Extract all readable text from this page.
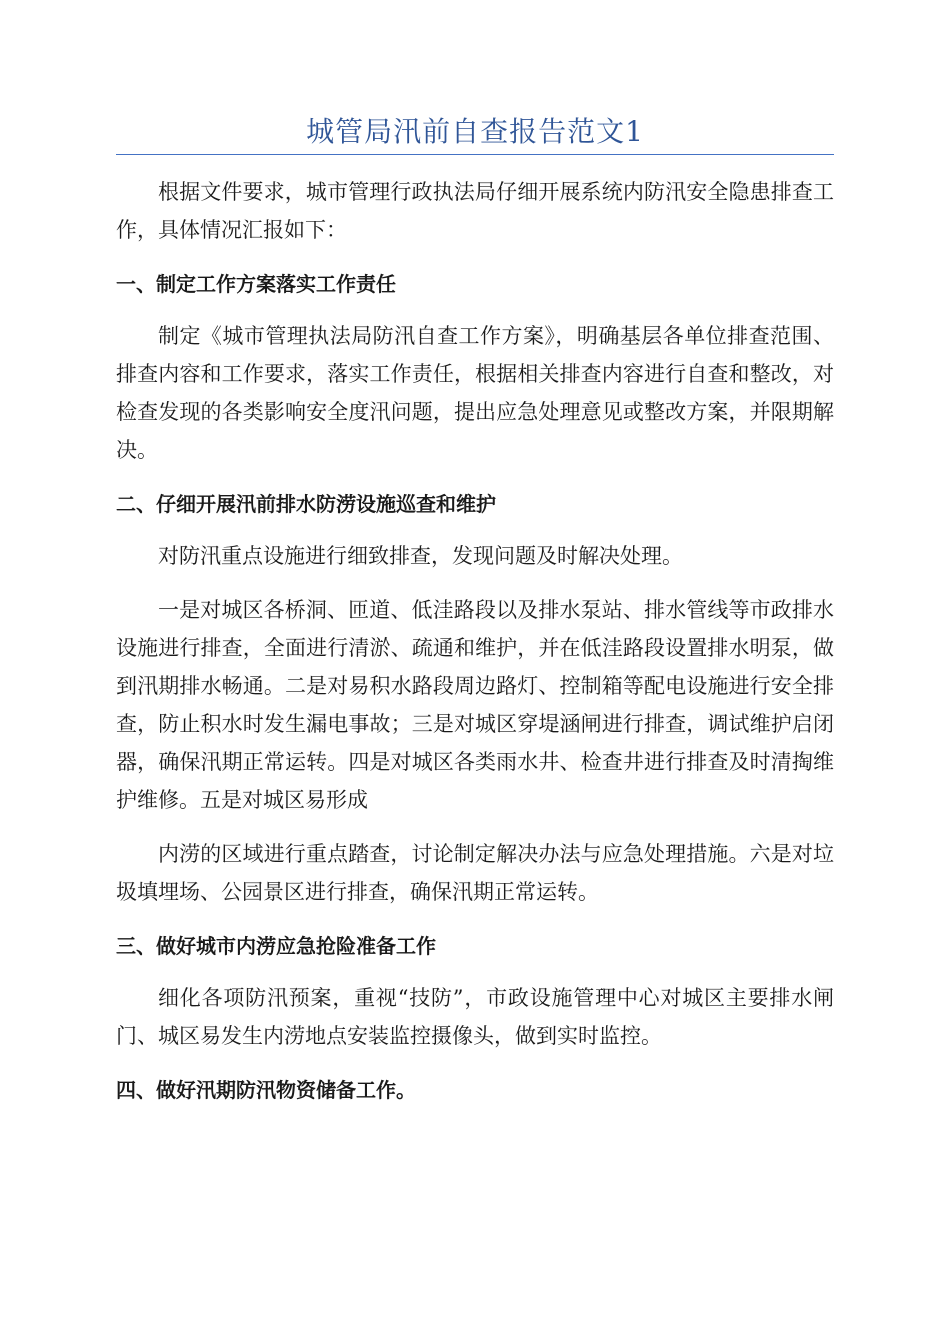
城管局汛前自查报告范文1

根据文件要求，城市管理行政执法局仔细开展系统内防汛安全隐患排查工作，具体情况汇报如下：

一、制定工作方案落实工作责任

制定《城市管理执法局防汛自查工作方案》，明确基层各单位排查范围、排查内容和工作要求，落实工作责任，根据相关排查内容进行自查和整改，对检查发现的各类影响安全度汛问题，提出应急处理意见或整改方案，并限期解决。

二、仔细开展汛前排水防涝设施巡查和维护

对防汛重点设施进行细致排查，发现问题及时解决处理。

一是对城区各桥洞、匝道、低洼路段以及排水泵站、排水管线等市政排水设施进行排查，全面进行清淤、疏通和维护，并在低洼路段设置排水明泵，做到汛期排水畅通。二是对易积水路段周边路灯、控制箱等配电设施进行安全排查，防止积水时发生漏电事故；三是对城区穿堤涵闸进行排查，调试维护启闭器，确保汛期正常运转。四是对城区各类雨水井、检查井进行排查及时清掏维护维修。五是对城区易形成

内涝的区域进行重点踏查，讨论制定解决办法与应急处理措施。六是对垃圾填埋场、公园景区进行排查，确保汛期正常运转。

三、做好城市内涝应急抢险准备工作

细化各项防汛预案，重视“技防”，市政设施管理中心对城区主要排水闸门、城区易发生内涝地点安装监控摄像头，做到实时监控。

四、做好汛期防汛物资储备工作。
